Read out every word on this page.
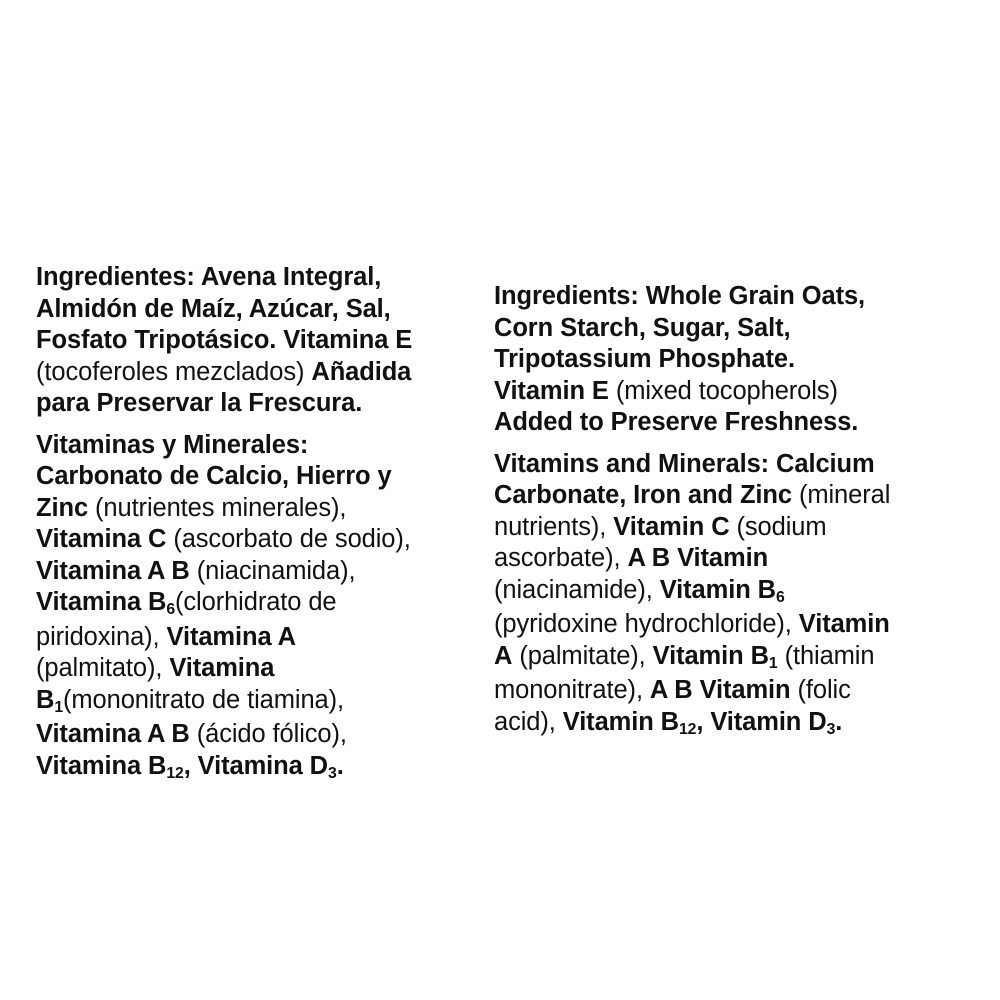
Ingredientes: Avena Integral,
Almidón de Maíz, Azúcar, Sal,
Fosfato Tripotásico. Vitamina E
(tocoferoles mezclados) Añadida
para Preservar la Frescura.
Vitaminas y Minerales:
Carbonato de Calcio, Hierro y
Zinc (nutrientes minerales),
Vitamina C (ascorbato de sodio),
Vitamina A B (niacinamida),
Vitamina $B_6(clorhidrato$ de
piridoxina), Vitamina A
(palmitato), Vitamina
$B_1(mononitrato$ de tiamina),
Vitamina A B (ácido fólico),
Vitamina $B_{12}$, Vitamina $D_3$.
Ingredients: Whole Grain Oats,
Corn Starch, Sugar, Salt,
Tripotassium Phosphate.
Vitamin E (mixed tocopherols)
Added to Preserve Freshness.
Vitamins and Minerals: Calcium
Carbonate, Iron and Zinc (mineral
nutrients), Vitamin C (sodium
ascorbate), A B Vitamin
(niacinamide), Vitamin $B_6$
(pyridoxine hydrochloride), Vitamin
A (palmitate), Vitamin $B_1$ (thiamin
mononitrate), A B Vitamin (folic
acid), Vitamin $B_{12}$, Vitamin $D_3$.
